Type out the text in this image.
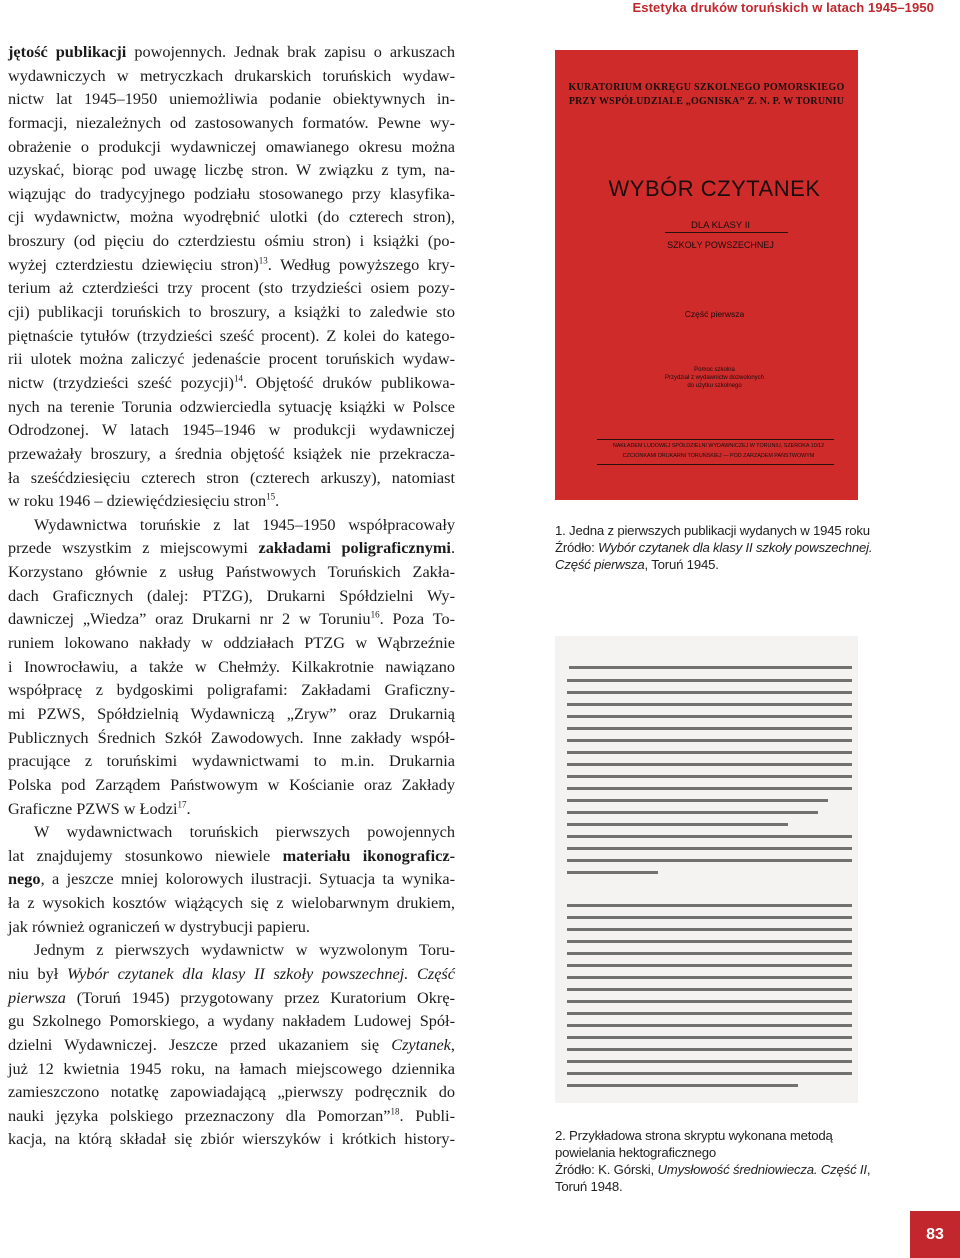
Estetyka druków toruńskich w latach 1945–1950
jętość publikacji powojennych. Jednak brak zapisu o arkuszach
wydawniczych w metryczkach drukarskich toruńskich wydaw-
nictw lat 1945–1950 uniemożliwia podanie obiektywnych in-
formacji, niezależnych od zastosowanych formatów. Pewne wy-
obrażenie o produkcji wydawniczej omawianego okresu można
uzyskać, biorąc pod uwagę liczbę stron. W związku z tym, na-
wiązując do tradycyjnego podziału stosowanego przy klasyfika-
cji wydawnictw, można wyodrębnić ulotki (do czterech stron),
broszury (od pięciu do czterdziestu ośmiu stron) i książki (po-
wyżej czterdziestu dziewięciu stron)$^{13}$. Według powyższego kry-
terium aż czterdzieści trzy procent (sto trzydzieści osiem pozy-
cji) publikacji toruńskich to broszury, a książki to zaledwie sto
piętnaście tytułów (trzydzieści sześć procent). Z kolei do katego-
rii ulotek można zaliczyć jedenaście procent toruńskich wydaw-
nictw (trzydzieści sześć pozycji)$^{14}$. Objętość druków publikowa-
nych na terenie Torunia odzwierciedla sytuację książki w Polsce
Odrodzonej. W latach 1945–1946 w produkcji wydawniczej
przeważały broszury, a średnia objętość książek nie przekracza-
ła sześćdziesięciu czterech stron (czterech arkuszy), natomiast
w roku 1946 – dziewięćdziesięciu stron$^{15}$.
Wydawnictwa toruńskie z lat 1945–1950 współpracowały
przede wszystkim z miejscowymi zakładami poligraficznymi.
Korzystano głównie z usług Państwowych Toruńskich Zakła-
dach Graficznych (dalej: PTZG), Drukarni Spółdzielni Wy-
dawniczej „Wiedza” oraz Drukarni nr 2 w Toruniu$^{16}$. Poza To-
runiem lokowano nakłady w oddziałach PTZG w Wąbrzeźnie
i Inowrocławiu, a także w Chełmży. Kilkakrotnie nawiązano
współpracę z bydgoskimi poligrafami: Zakładami Graficzny-
mi PZWS, Spółdzielnią Wydawniczą „Zryw” oraz Drukarnią
Publicznych Średnich Szkół Zawodowych. Inne zakłady współ-
pracujące z toruńskimi wydawnictwami to m.in. Drukarnia
Polska pod Zarządem Państwowym w Kościanie oraz Zakłady
Graficzne PZWS w Łodzi$^{17}$.
W wydawnictwach toruńskich pierwszych powojennych
lat znajdujemy stosunkowo niewiele materiału ikonograficz-
nego, a jeszcze mniej kolorowych ilustracji. Sytuacja ta wynika-
ła z wysokich kosztów wiążących się z wielobarwnym drukiem,
jak również ograniczeń w dystrybucji papieru.
Jednym z pierwszych wydawnictw w wyzwolonym Toru-
niu był Wybór czytanek dla klasy II szkoły powszechnej. Część
pierwsza (Toruń 1945) przygotowany przez Kuratorium Okrę-
gu Szkolnego Pomorskiego, a wydany nakładem Ludowej Spół-
dzielni Wydawniczej. Jeszcze przed ukazaniem się Czytanek,
już 12 kwietnia 1945 roku, na łamach miejscowego dziennika
zamieszczono notatkę zapowiadającą „pierwszy podręcznik do
nauki języka polskiego przeznaczony dla Pomorzan”$^{18}$. Publi-
kacja, na którą składał się zbiór wierszyków i krótkich history-
KURATORIUM OKRĘGU SZKOLNEGO POMORSKIEGO
PRZY WSPÓŁUDZIALE „OGNISKA” Z. N. P. W TORUNIU
WYBÓR CZYTANEK
DLA KLASY II
SZKOŁY POWSZECHNEJ
Część pierwsza
Pomoc szkolna
Przydział z wydawnictw dozwolonych
do użytku szkolnego
NAKŁADEM LUDOWEJ SPÓŁDZIELNI WYDAWNICZEJ W TORUNIU, SZEROKA 10/12
CZCIONKAMI DRUKARNI TORUŃSKIEJ — POD ZARZĄDEM PAŃSTWOWYM
1. Jedna z pierwszych publikacji wydanych w 1945 roku
Źródło: Wybór czytanek dla klasy II szkoły powszechnej.
Część pierwsza, Toruń 1945.
2. Przykładowa strona skryptu wykonana metodą
powielania hektograficznego
Źródło: K. Górski, Umysłowość średniowiecza. Część II,
Toruń 1948.
83
